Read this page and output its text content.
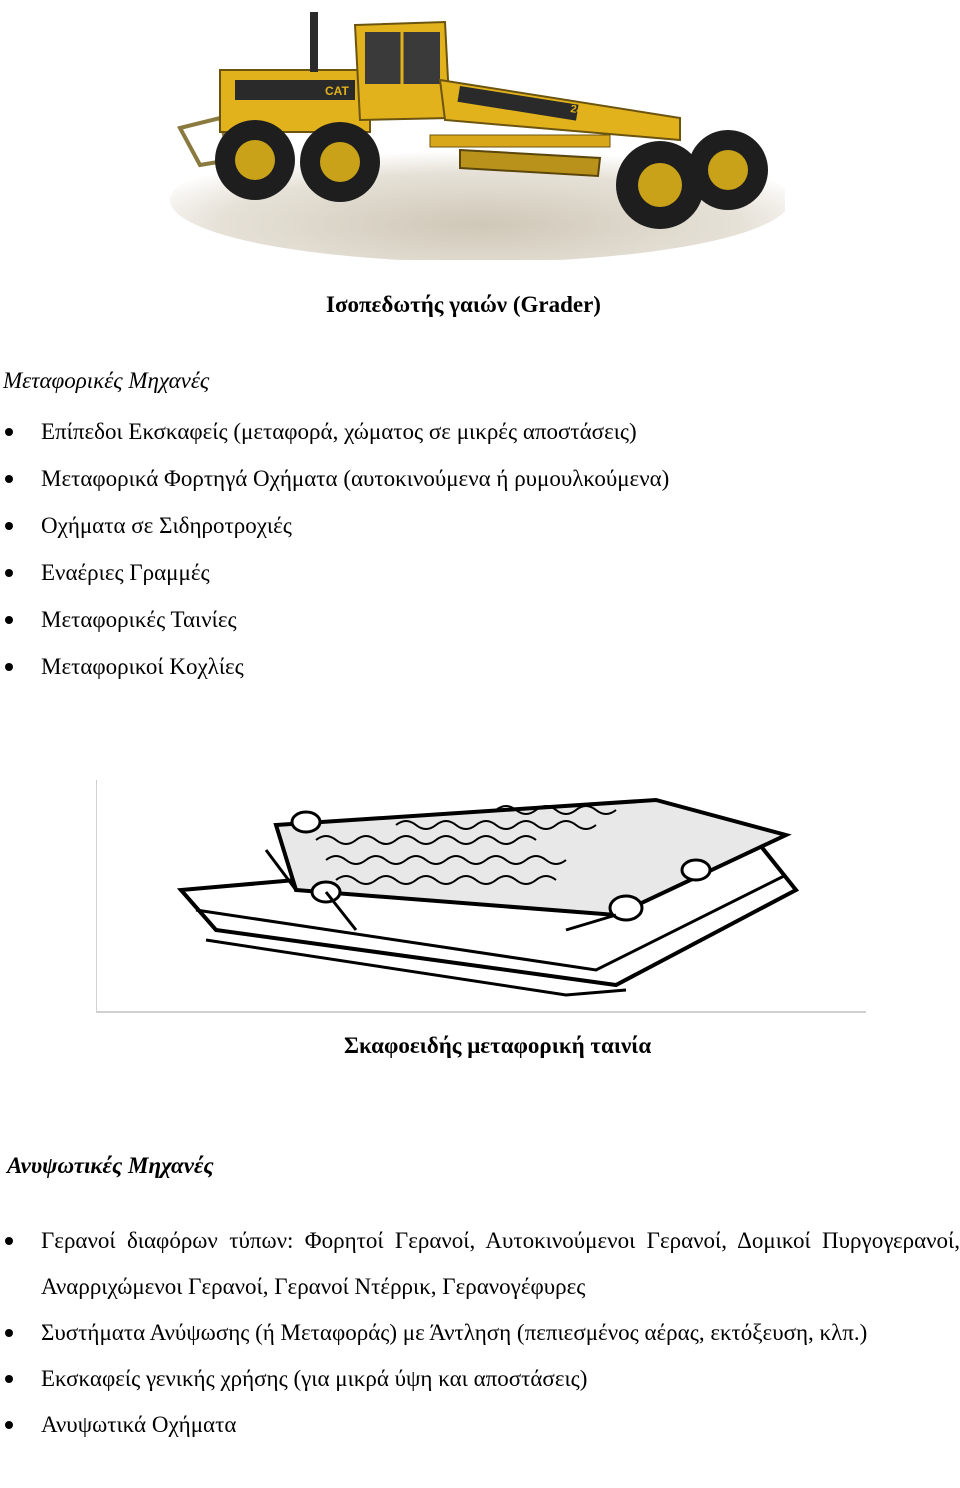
CAT
24H
Ισοπεδωτής γαιών (Grader)
Μεταφορικές Μηχανές
Επίπεδοι Εκσκαφείς (μεταφορά, χώματος σε μικρές αποστάσεις)
Μεταφορικά Φορτηγά Οχήματα (αυτοκινούμενα ή ρυμουλκούμενα)
Οχήματα σε Σιδηροτροχιές
Εναέριες Γραμμές
Μεταφορικές Ταινίες
Μεταφορικοί Κοχλίες
Σκαφοειδής μεταφορική ταινία
Ανυψωτικές Μηχανές
Γερανοί διαφόρων τύπων: Φορητοί Γερανοί, Αυτοκινούμενοι Γερανοί, Δομικοί Πυργογερανοί, Αναρριχώμενοι Γερανοί, Γερανοί Ντέρρικ, Γερανογέφυρες
Συστήματα Ανύψωσης (ή Μεταφοράς) με Άντληση (πεπιεσμένος αέρας, εκτόξευση, κλπ.)
Εκσκαφείς γενικής χρήσης (για μικρά ύψη και αποστάσεις)
Ανυψωτικά Οχήματα
